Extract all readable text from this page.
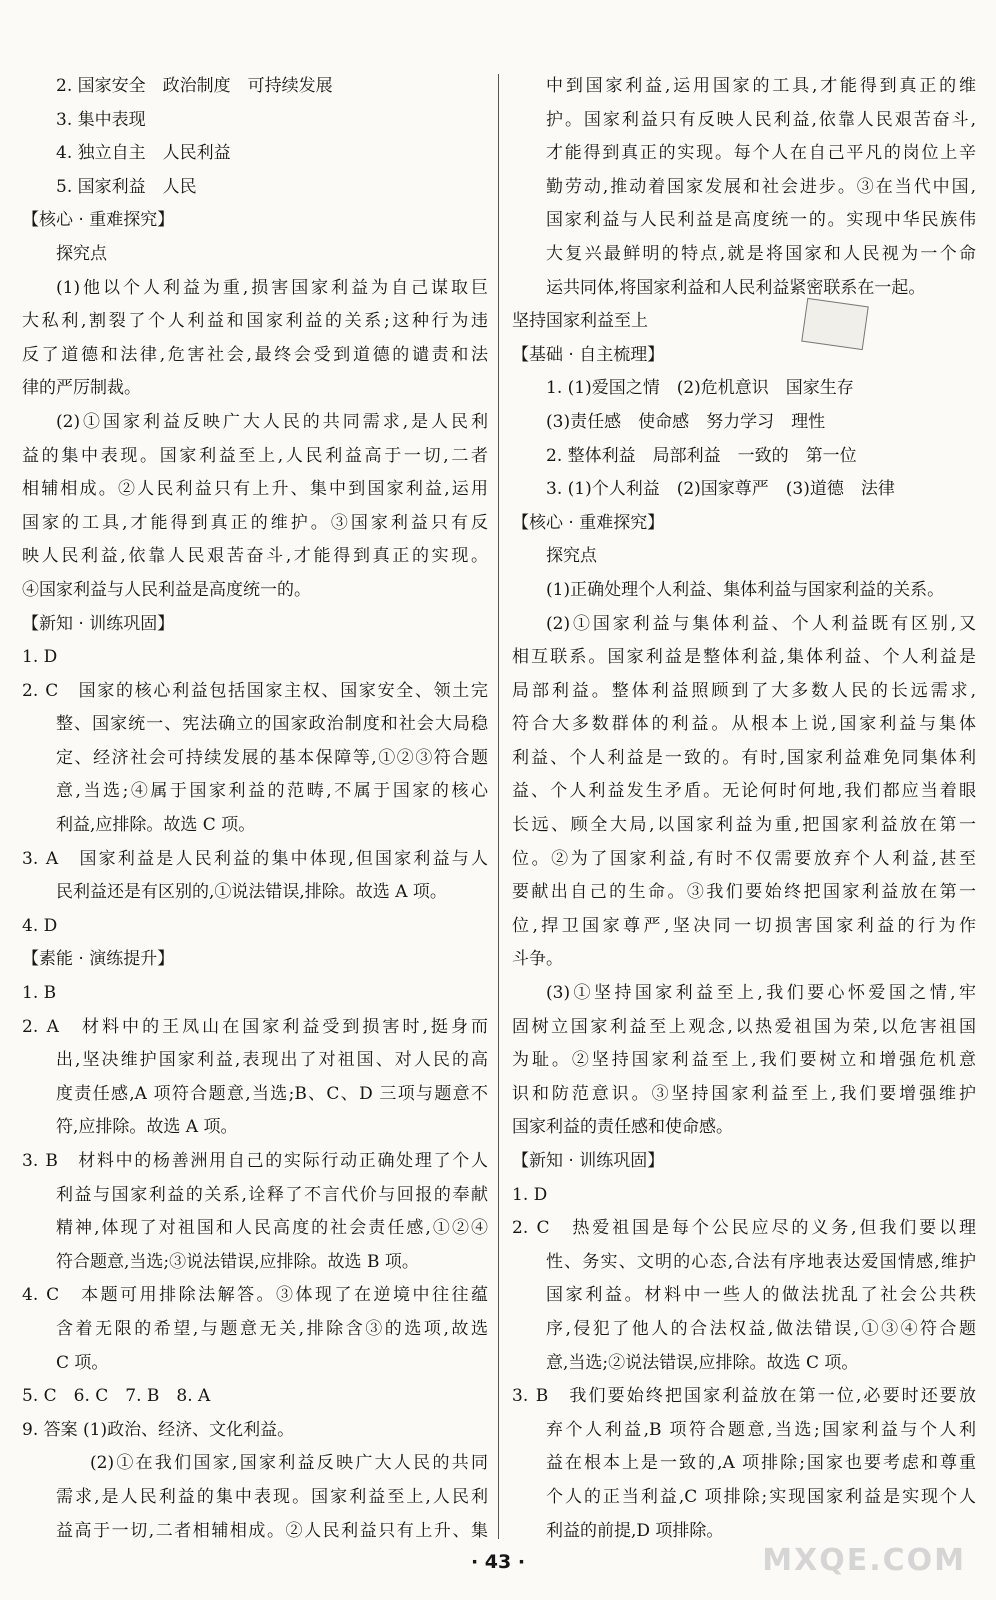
2. 国家安全　政治制度　可持续发展
3. 集中表现
4. 独立自主　人民利益
5. 国家利益　人民
【核心 · 重难探究】
探究点
(1)他以个人利益为重,损害国家利益为自己谋取巨
大私利,割裂了个人利益和国家利益的关系;这种行为违
反了道德和法律,危害社会,最终会受到道德的谴责和法
律的严厉制裁。
(2)①国家利益反映广大人民的共同需求,是人民利
益的集中表现。国家利益至上,人民利益高于一切,二者
相辅相成。②人民利益只有上升、集中到国家利益,运用
国家的工具,才能得到真正的维护。③国家利益只有反
映人民利益,依靠人民艰苦奋斗,才能得到真正的实现。
④国家利益与人民利益是高度统一的。
【新知 · 训练巩固】
1. D
2. C　国家的核心利益包括国家主权、国家安全、领土完
整、国家统一、宪法确立的国家政治制度和社会大局稳
定、经济社会可持续发展的基本保障等,①②③符合题
意,当选;④属于国家利益的范畴,不属于国家的核心
利益,应排除。故选 C 项。
3. A　国家利益是人民利益的集中体现,但国家利益与人
民利益还是有区别的,①说法错误,排除。故选 A 项。
4. D
【素能 · 演练提升】
1. B
2. A　材料中的王凤山在国家利益受到损害时,挺身而
出,坚决维护国家利益,表现出了对祖国、对人民的高
度责任感,A 项符合题意,当选;B、C、D 三项与题意不
符,应排除。故选 A 项。
3. B　材料中的杨善洲用自己的实际行动正确处理了个人
利益与国家利益的关系,诠释了不言代价与回报的奉献
精神,体现了对祖国和人民高度的社会责任感,①②④
符合题意,当选;③说法错误,应排除。故选 B 项。
4. C　本题可用排除法解答。③体现了在逆境中往往蕴
含着无限的希望,与题意无关,排除含③的选项,故选
C 项。
5. C　6. C　7. B　8. A
9. 答案 (1)政治、经济、文化利益。
(2)①在我们国家,国家利益反映广大人民的共同
需求,是人民利益的集中表现。国家利益至上,人民利
益高于一切,二者相辅相成。②人民利益只有上升、集
中到国家利益,运用国家的工具,才能得到真正的维
护。国家利益只有反映人民利益,依靠人民艰苦奋斗,
才能得到真正的实现。每个人在自己平凡的岗位上辛
勤劳动,推动着国家发展和社会进步。③在当代中国,
国家利益与人民利益是高度统一的。实现中华民族伟
大复兴最鲜明的特点,就是将国家和人民视为一个命
运共同体,将国家利益和人民利益紧密联系在一起。
坚持国家利益至上
【基础 · 自主梳理】
1. (1)爱国之情　(2)危机意识　国家生存
(3)责任感　使命感　努力学习　理性
2. 整体利益　局部利益　一致的　第一位
3. (1)个人利益　(2)国家尊严　(3)道德　法律
【核心 · 重难探究】
探究点
(1)正确处理个人利益、集体利益与国家利益的关系。
(2)①国家利益与集体利益、个人利益既有区别,又
相互联系。国家利益是整体利益,集体利益、个人利益是
局部利益。整体利益照顾到了大多数人民的长远需求,
符合大多数群体的利益。从根本上说,国家利益与集体
利益、个人利益是一致的。有时,国家利益难免同集体利
益、个人利益发生矛盾。无论何时何地,我们都应当着眼
长远、顾全大局,以国家利益为重,把国家利益放在第一
位。②为了国家利益,有时不仅需要放弃个人利益,甚至
要献出自己的生命。③我们要始终把国家利益放在第一
位,捍卫国家尊严,坚决同一切损害国家利益的行为作
斗争。
(3)①坚持国家利益至上,我们要心怀爱国之情,牢
固树立国家利益至上观念,以热爱祖国为荣,以危害祖国
为耻。②坚持国家利益至上,我们要树立和增强危机意
识和防范意识。③坚持国家利益至上,我们要增强维护
国家利益的责任感和使命感。
【新知 · 训练巩固】
1. D
2. C　热爱祖国是每个公民应尽的义务,但我们要以理
性、务实、文明的心态,合法有序地表达爱国情感,维护
国家利益。材料中一些人的做法扰乱了社会公共秩
序,侵犯了他人的合法权益,做法错误,①③④符合题
意,当选;②说法错误,应排除。故选 C 项。
3. B　我们要始终把国家利益放在第一位,必要时还要放
弃个人利益,B 项符合题意,当选;国家利益与个人利
益在根本上是一致的,A 项排除;国家也要考虑和尊重
个人的正当利益,C 项排除;实现国家利益是实现个人
利益的前提,D 项排除。
· 43 ·	MXQE.COM
